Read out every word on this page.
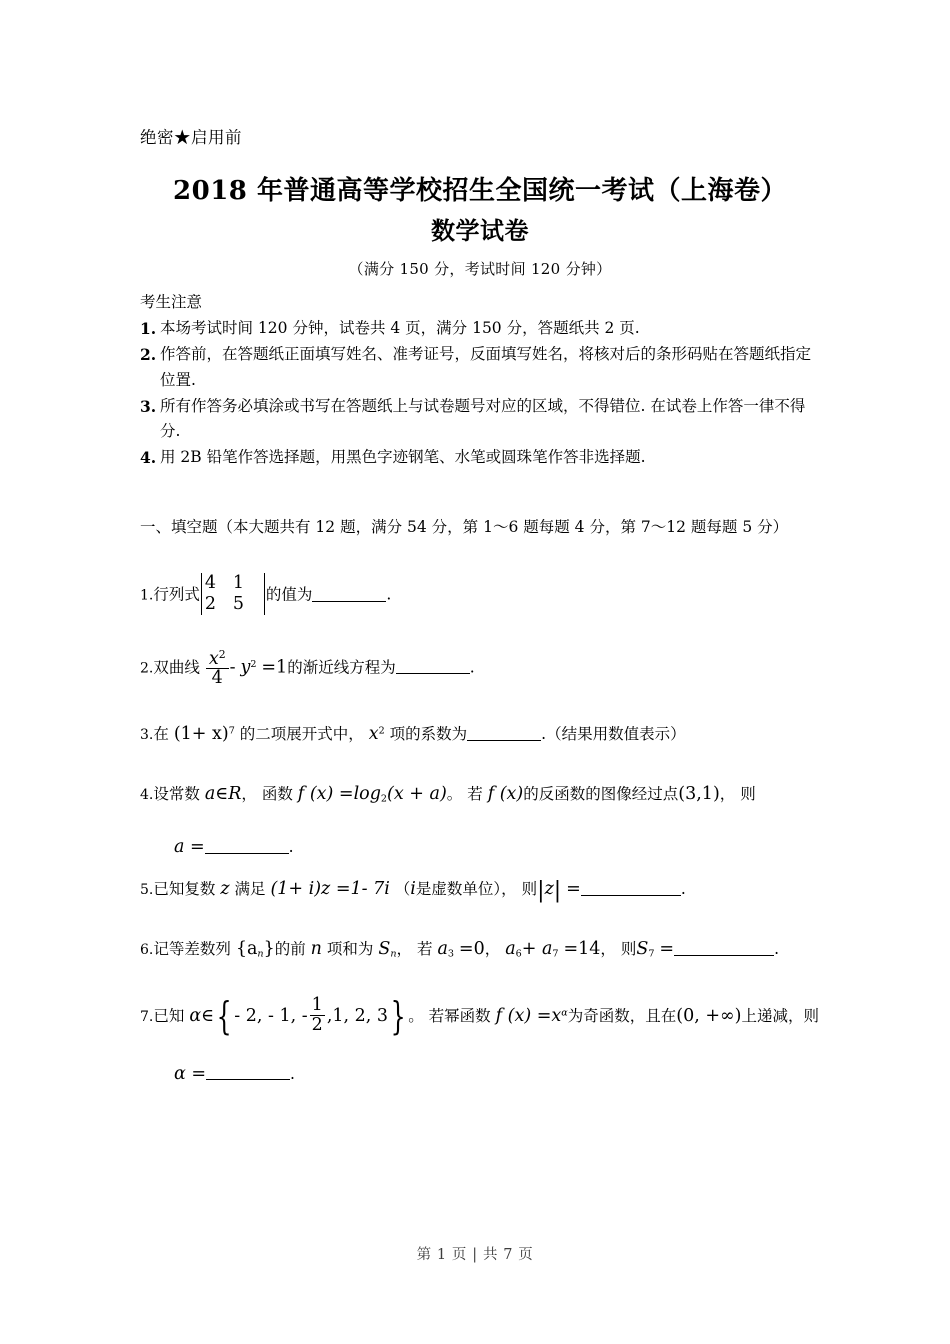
绝密★启用前
2018 年普通高等学校招生全国统一考试（上海卷）
数学试卷
（满分 150 分，考试时间 120 分钟）
考生注意
1. 本场考试时间 120 分钟，试卷共 4 页，满分 150 分，答题纸共 2 页.
2. 作答前，在答题纸正面填写姓名、准考证号，反面填写姓名，将核对后的条形码贴在答题纸指定位置.
3. 所有作答务必填涂或书写在答题纸上与试卷题号对应的区域，不得错位. 在试卷上作答一律不得分.
4. 用 2B 铅笔作答选择题，用黑色字迹钢笔、水笔或圆珠笔作答非选择题.
一、填空题（本大题共有 12 题，满分 54 分，第 1～6 题每题 4 分，第 7～12 题每题 5 分）
1.行列式
4 1
2 5	的值为	.
2.双曲线 $\frac{x^2}{4} - y^2 =1$的渐近线方程为	.
3.在 $(1+ x)^7$ 的二项展开式中， $x^2$ 项的系数为	.（结果用数值表示）
4.设常数 a∈R， 函数 f (x) =log2(x + a)。 若 f (x)的反函数的图像经过点(3,1)， 则
a =	.
5.已知复数 z 满足 (1+ i)z =1- 7i （i是虚数单位）， 则|z| =	.
6.记等差数列 $\{a_n\}$的前 n 项和为 $S_n$， 若 a3 =0， a6+ a7 =14， 则S7 =	.
7.已知 α∈{ - 2, - 1, - $\frac{1}{2} ,1$, 2, 3} 。 若幂函数 f $(x) =x^\alpha$为奇函数，且在(0, +∞)上递减，则
α =	.
第 1 页 | 共 7 页
